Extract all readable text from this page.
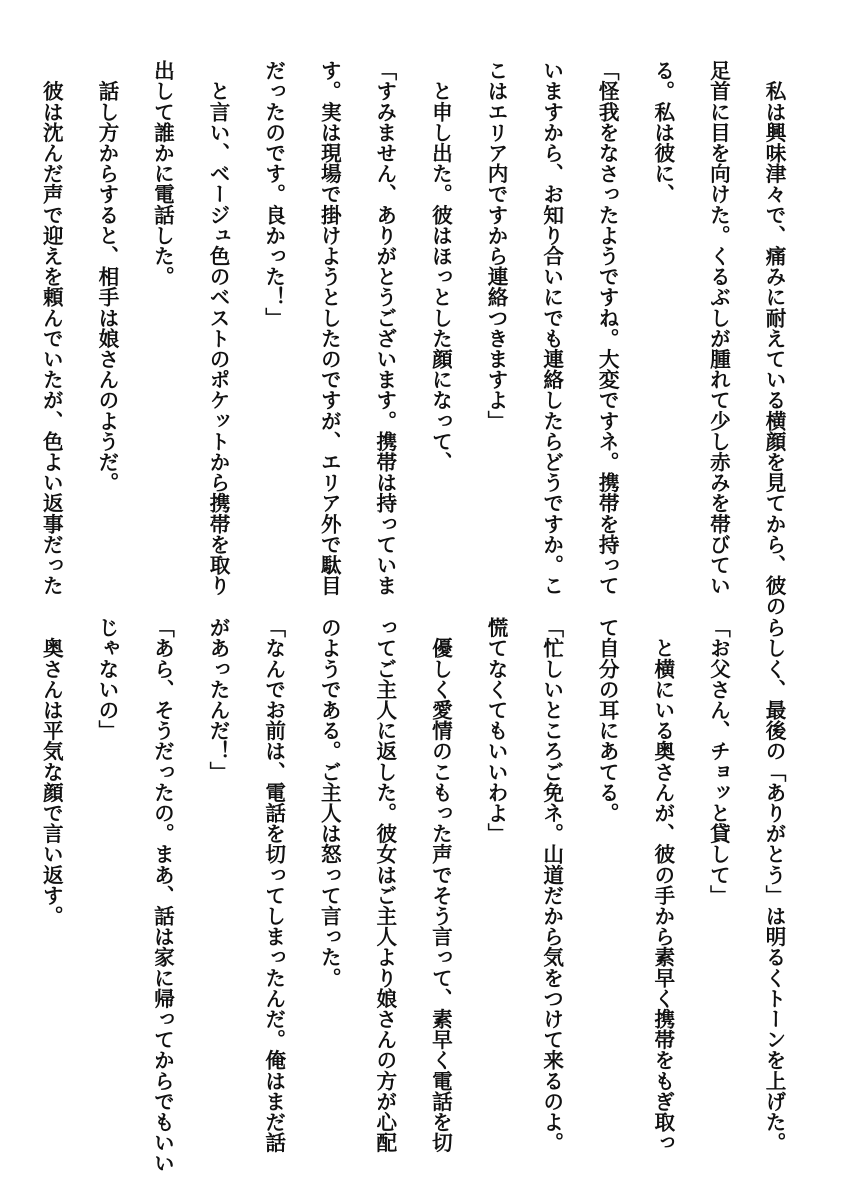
　私は興味津々で、痛みに耐えている横顔を見てから、彼の
足首に目を向けた。くるぶしが腫れて少し赤みを帯びてい
る。私は彼に、
「怪我をなさったようですね。大変ですネ。携帯を持って
いますから、お知り合いにでも連絡したらどうですか。こ
こはエリア内ですから連絡つきますよ」
　と申し出た。彼はほっとした顔になって、
「すみません、ありがとうございます。携帯は持っていま
す。実は現場で掛けようとしたのですが、エリア外で駄目
だったのです。良かった！」
　と言い、ベージュ色のベストのポケットから携帯を取り
出して誰かに電話した。
　話し方からすると、相手は娘さんのようだ。
　彼は沈んだ声で迎えを頼んでいたが、色よい返事だった
らしく、最後の「ありがとう」は明るくトーンを上げた。
「お父さん、チョッと貸して」
　と横にいる奥さんが、彼の手から素早く携帯をもぎ取っ
て自分の耳にあてる。
「忙しいところご免ネ。山道だから気をつけて来るのよ。
慌てなくてもいいわよ」
　優しく愛情のこもった声でそう言って、素早く電話を切
ってご主人に返した。彼女はご主人より娘さんの方が心配
のようである。ご主人は怒って言った。
「なんでお前は、電話を切ってしまったんだ。俺はまだ話
があったんだ！」
「あら、そうだったの。まあ、話は家に帰ってからでもいい
じゃないの」
　奥さんは平気な顔で言い返す。
